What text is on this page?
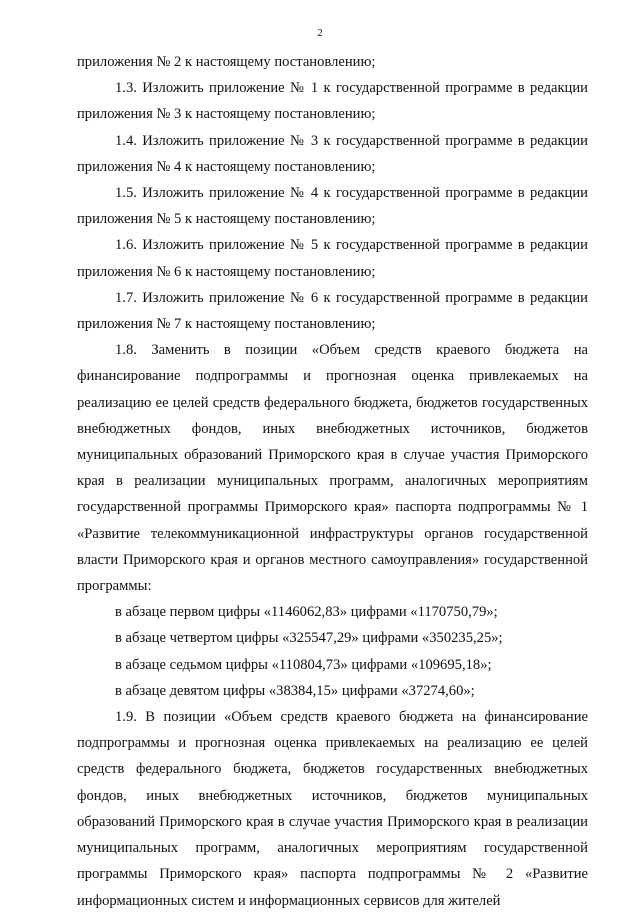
2

приложения № 2 к настоящему постановлению;

1.3. Изложить приложение № 1 к государственной программе в редакции приложения № 3 к настоящему постановлению;

1.4. Изложить приложение № 3 к государственной программе в редакции приложения № 4 к настоящему постановлению;

1.5. Изложить приложение № 4 к государственной программе в редакции приложения № 5 к настоящему постановлению;

1.6. Изложить приложение № 5 к государственной программе в редакции приложения № 6 к настоящему постановлению;

1.7. Изложить приложение № 6 к государственной программе в редакции приложения № 7 к настоящему постановлению;

1.8. Заменить в позиции «Объем средств краевого бюджета на финансирование подпрограммы и прогнозная оценка привлекаемых на реализацию ее целей средств федерального бюджета, бюджетов государственных внебюджетных фондов, иных внебюджетных источников, бюджетов муниципальных образований Приморского края в случае участия Приморского края в реализации муниципальных программ, аналогичных мероприятиям государственной программы Приморского края» паспорта подпрограммы № 1 «Развитие телекоммуникационной инфраструктуры органов государственной власти Приморского края и органов местного самоуправления» государственной программы:

в абзаце первом цифры «1146062,83» цифрами «1170750,79»;

в абзаце четвертом цифры «325547,29» цифрами «350235,25»;

в абзаце седьмом цифры «110804,73» цифрами «109695,18»;

в абзаце девятом цифры «38384,15» цифрами «37274,60»;

1.9. В позиции «Объем средств краевого бюджета на финансирование подпрограммы и прогнозная оценка привлекаемых на реализацию ее целей средств федерального бюджета, бюджетов государственных внебюджетных фондов, иных внебюджетных источников, бюджетов муниципальных образований Приморского края в случае участия Приморского края в реализации муниципальных программ, аналогичных мероприятиям государственной программы Приморского края» паспорта подпрограммы № 2 «Развитие информационных систем и информационных сервисов для жителей
